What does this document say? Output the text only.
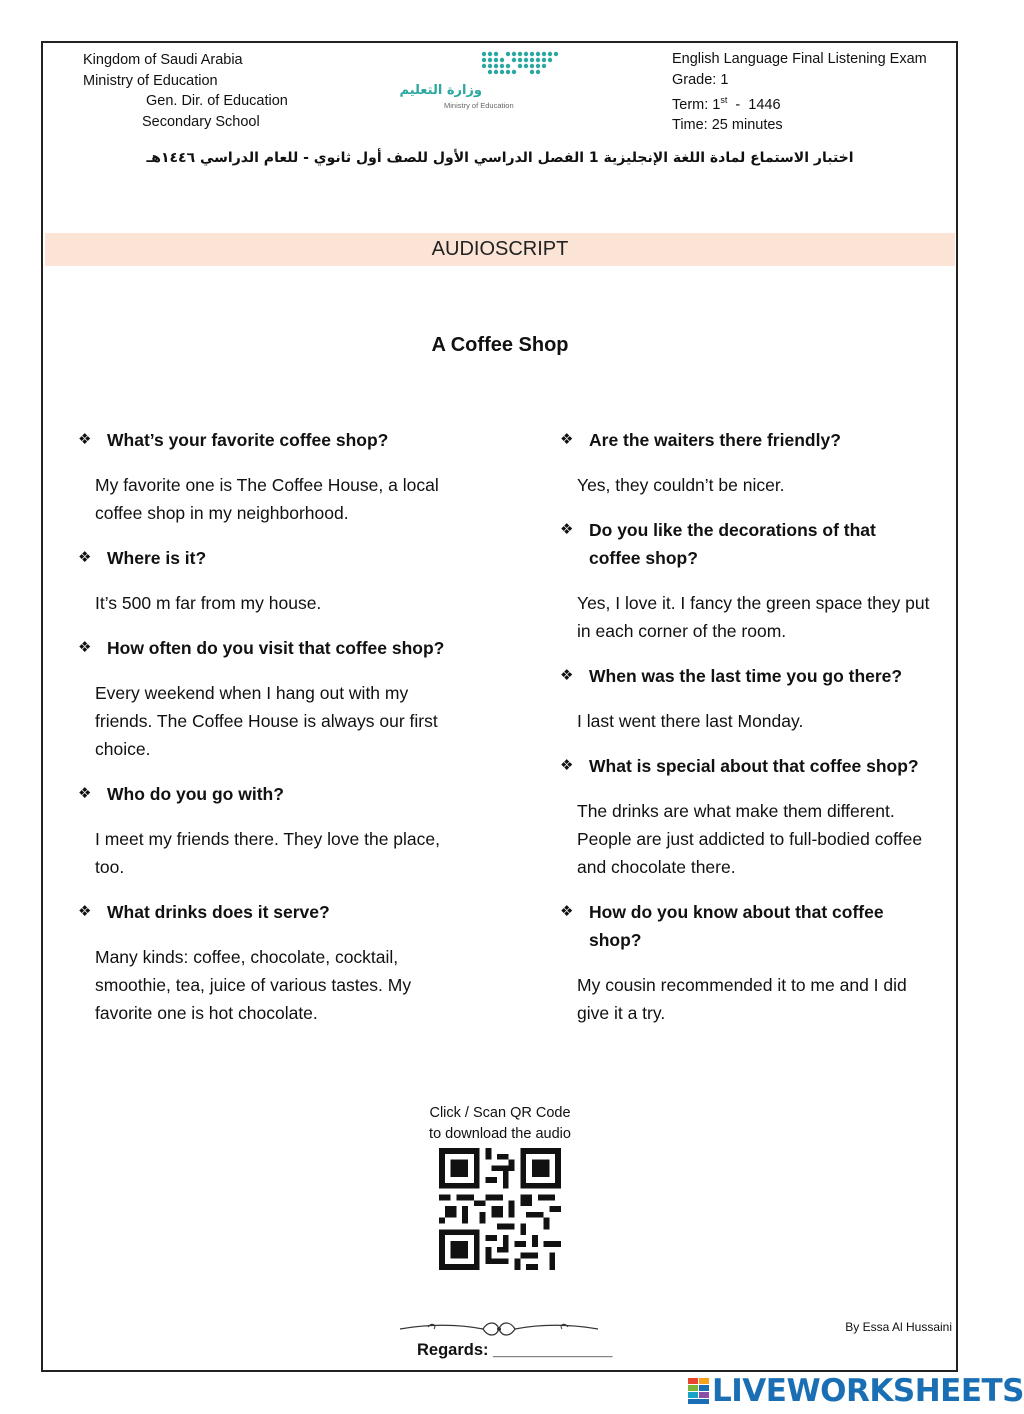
Kingdom of Saudi Arabia
Ministry of Education
Gen. Dir. of Education
Secondary School
وزارة التعليم
Ministry of Education
English Language Final Listening Exam
Grade: 1
Term: 1st  -  1446
Time: 25 minutes
اختبار الاستماع لمادة اللغة الإنجليزية 1 الفصل الدراسي الأول للصف أول ثانوي - للعام الدراسي ١٤٤٦هـ
AUDIOSCRIPT
A Coffee Shop
❖ What’s your favorite coffee shop?
My favorite one is The Coffee House, a local coffee shop in my neighborhood.
❖ Where is it?
It’s 500 m far from my house.
❖ How often do you visit that coffee shop?
Every weekend when I hang out with my friends. The Coffee House is always our first choice.
❖ Who do you go with?
I meet my friends there. They love the place, too.
❖ What drinks does it serve?
Many kinds: coffee, chocolate, cocktail, smoothie, tea, juice of various tastes. My favorite one is hot chocolate.
❖ Are the waiters there friendly?
Yes, they couldn’t be nicer.
❖ Do you like the decorations of that coffee shop?
Yes, I love it. I fancy the green space they put in each corner of the room.
❖ When was the last time you go there?
I last went there last Monday.
❖ What is special about that coffee shop?
The drinks are what make them different. People are just addicted to full-bodied coffee and chocolate there.
❖ How do you know about that coffee shop?
My cousin recommended it to me and I did give it a try.
Click / Scan QR Code
to download the audio
By Essa Al Hussaini
Regards: _____________
LIVEWORKSHEETS
